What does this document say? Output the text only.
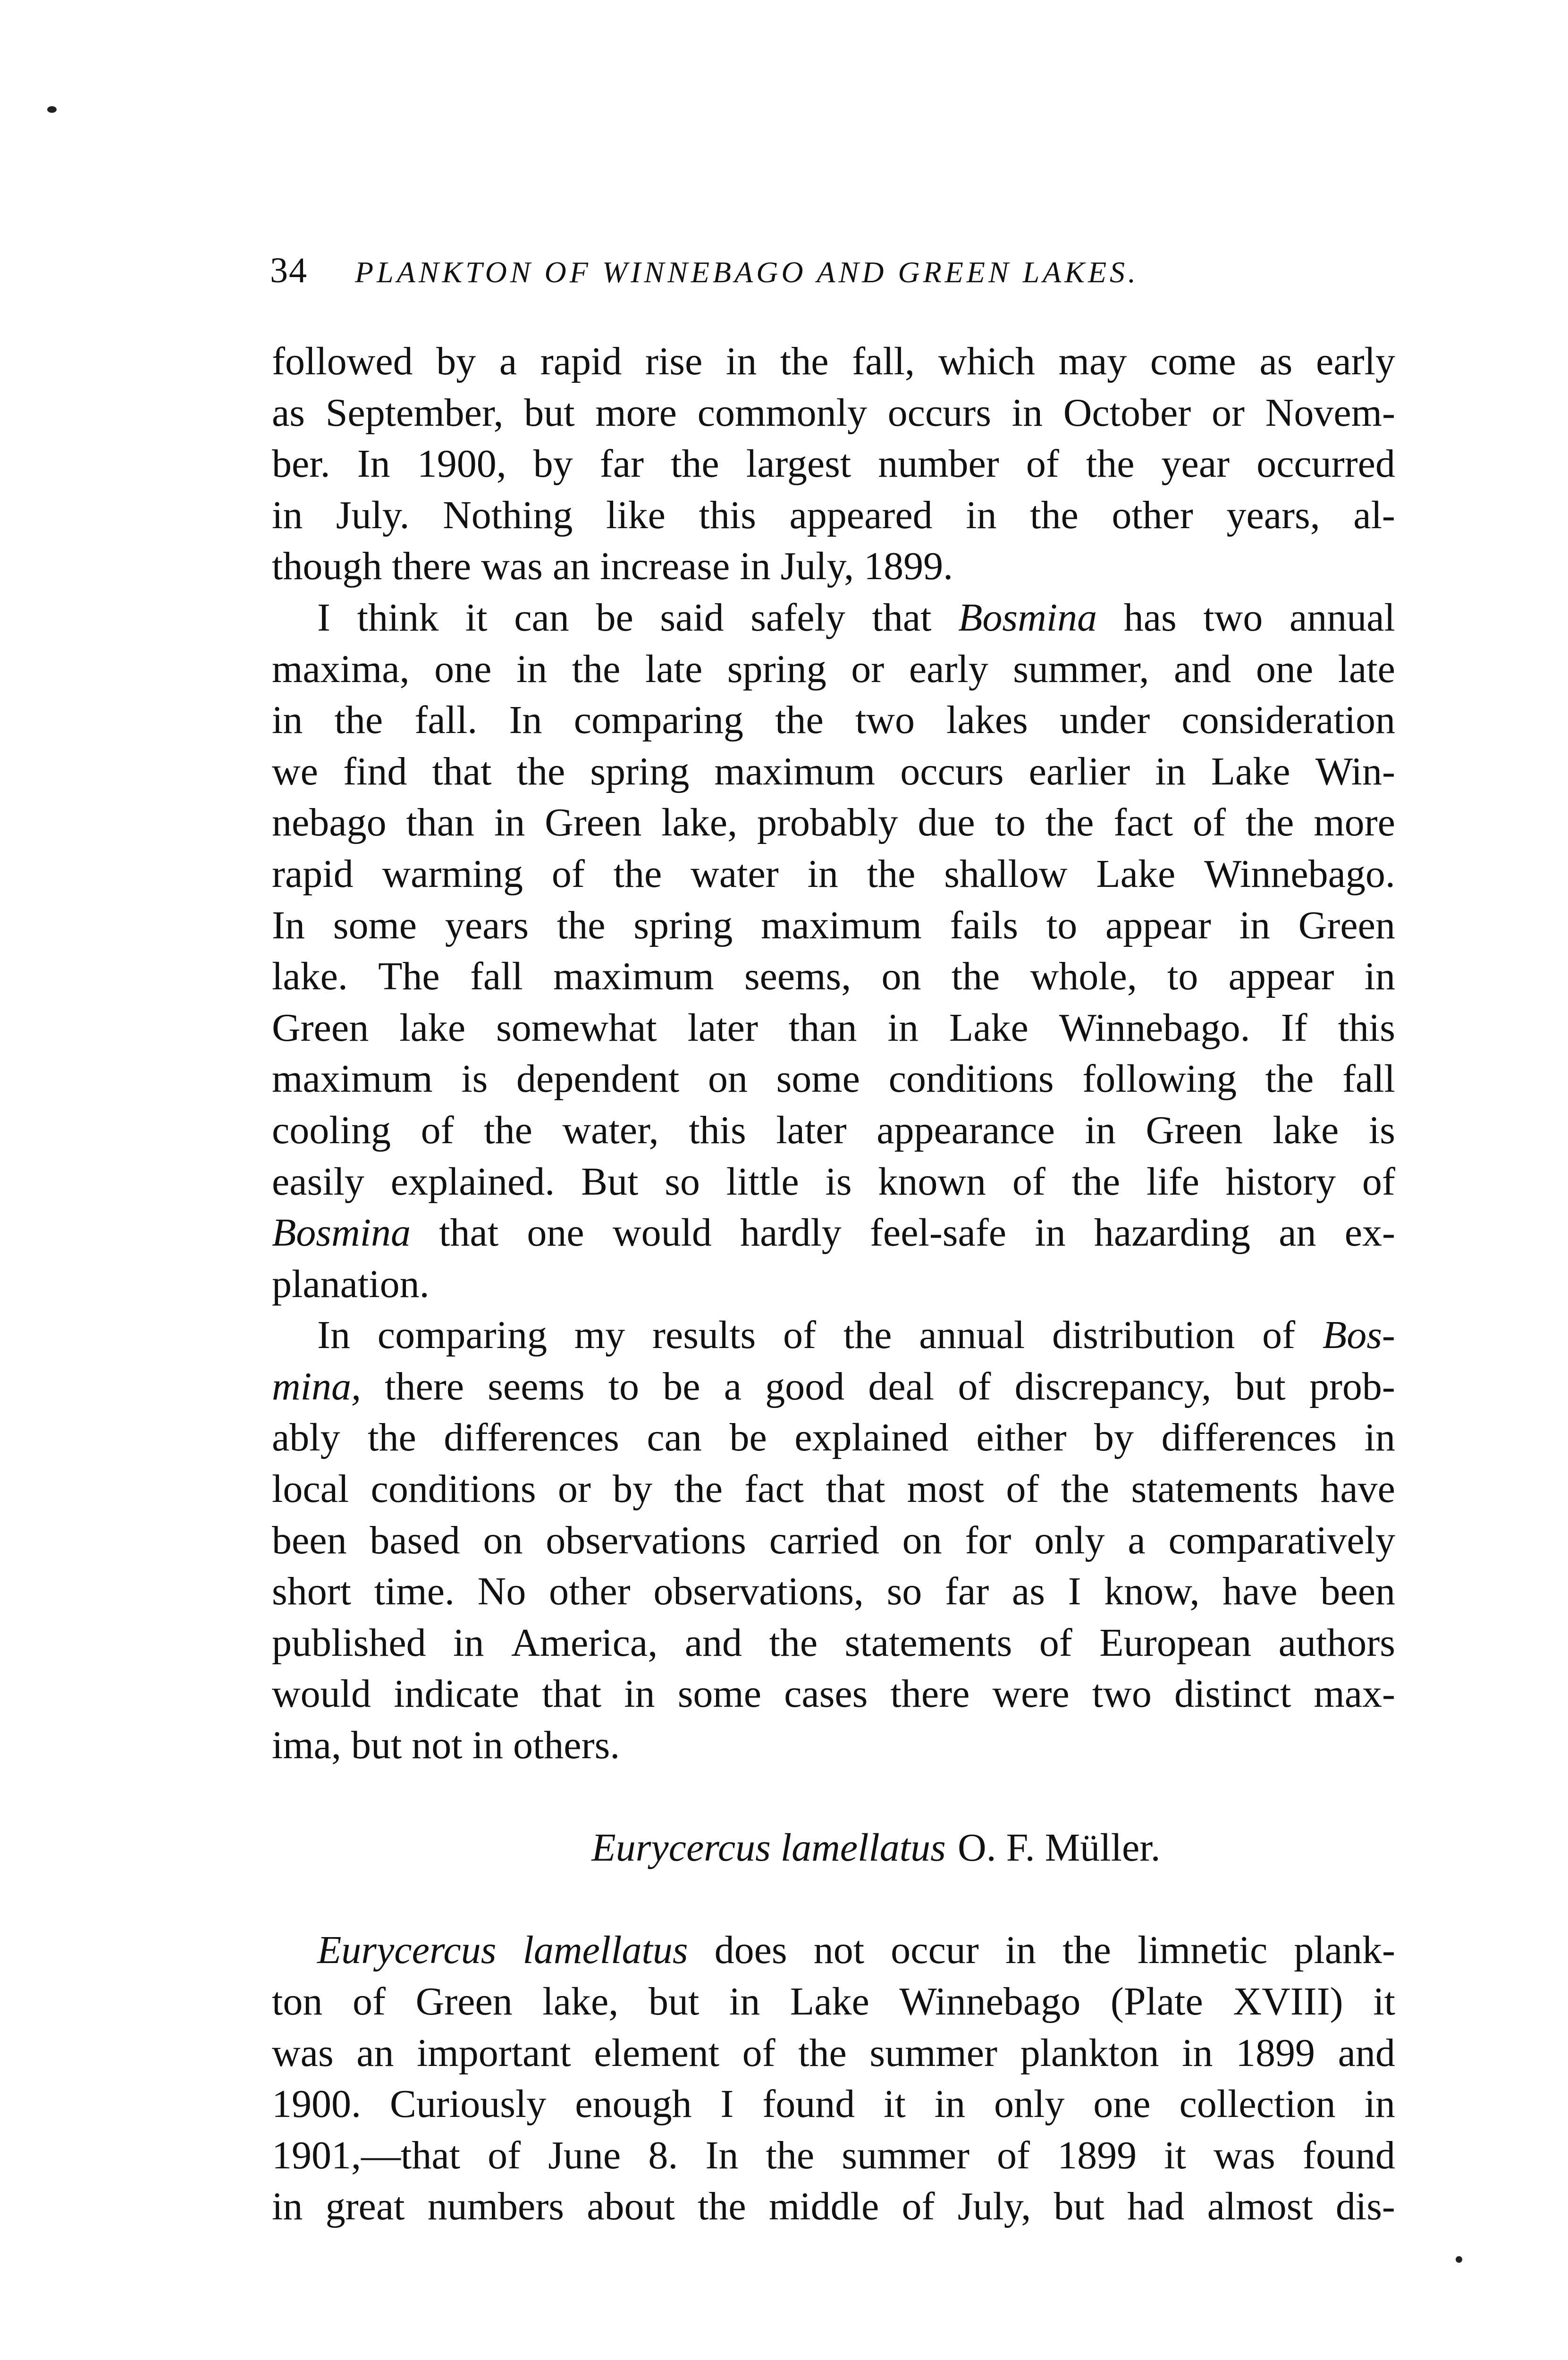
34 PLANKTON OF WINNEBAGO AND GREEN LAKES.
followed by a rapid rise in the fall, which may come as early
as September, but more commonly occurs in October or Novem-
ber. In 1900, by far the largest number of the year occurred
in July. Nothing like this appeared in the other years, al-
though there was an increase in July, 1899.
I think it can be said safely that Bosmina has two annual
maxima, one in the late spring or early summer, and one late
in the fall. In comparing the two lakes under consideration
we find that the spring maximum occurs earlier in Lake Win-
nebago than in Green lake, probably due to the fact of the more
rapid warming of the water in the shallow Lake Winnebago.
In some years the spring maximum fails to appear in Green
lake. The fall maximum seems, on the whole, to appear in
Green lake somewhat later than in Lake Winnebago. If this
maximum is dependent on some conditions following the fall
cooling of the water, this later appearance in Green lake is
easily explained. But so little is known of the life history of
Bosmina that one would hardly feel-safe in hazarding an ex-
planation.
In comparing my results of the annual distribution of Bos-
mina, there seems to be a good deal of discrepancy, but prob-
ably the differences can be explained either by differences in
local conditions or by the fact that most of the statements have
been based on observations carried on for only a comparatively
short time. No other observations, so far as I know, have been
published in America, and the statements of European authors
would indicate that in some cases there were two distinct max-
ima, but not in others.
Eurycercus lamellatus O. F. Müller.
Eurycercus lamellatus does not occur in the limnetic plank-
ton of Green lake, but in Lake Winnebago (Plate XVIII) it
was an important element of the summer plankton in 1899 and
1900. Curiously enough I found it in only one collection in
1901,—that of June 8. In the summer of 1899 it was found
in great numbers about the middle of July, but had almost dis-
